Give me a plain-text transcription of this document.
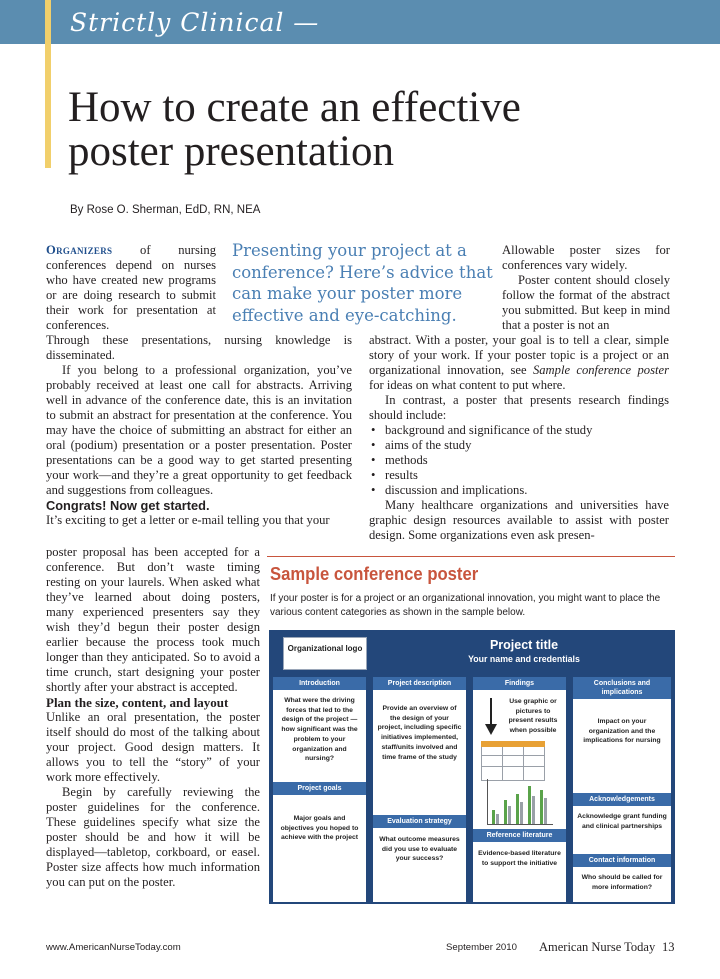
Strictly Clinical —
How to create an effective
poster presentation
By Rose O. Sherman, EdD, RN, NEA
Presenting your project at a conference? Here’s advice that can make your poster more effective and eye-catching.
Organizers of nursing conferences depend on nurses who have created new programs or are doing research to submit their work for presentation at conferences.

Through these presentations, nursing knowledge is disseminated.

If you belong to a professional organization, you’ve probably received at least one call for abstracts. Arriving well in advance of the conference date, this is an invitation to submit an abstract for presentation at the conference. You may have the choice of submitting an abstract for either an oral (podium) presentation or a poster presentation. Poster presentations can be a good way to get started presenting your work—and they’re a great opportunity to get feedback and suggestions from colleagues.

Congrats! Now get started.

It’s exciting to get a letter or e-mail telling you that your

poster proposal has been accepted for a conference. But don’t waste timing resting on your laurels. When asked what they’ve learned about doing posters, many experienced presenters say they wish they’d begun their poster design earlier because the process took much longer than they anticipated. So to avoid a time crunch, start designing your poster shortly after your abstract is accepted.

Plan the size, content, and layout

Unlike an oral presentation, the poster itself should do most of the talking about your project. Good design matters. It allows you to tell the “story” of your work more effectively.

Begin by carefully reviewing the poster guidelines for the conference. These guidelines specify what size the poster should be and how it will be displayed—tabletop, corkboard, or easel. Poster size affects how much information you can put on the poster.

Allowable poster sizes for conferences vary widely.

Poster content should closely follow the format of the abstract you submitted. But keep in mind that a poster is not an

abstract. With a poster, your goal is to tell a clear, simple story of your work. If your poster topic is a project or an organizational innovation, see Sample conference poster for ideas on what content to put where.

In contrast, a poster that presents research findings should include:

• background and significance of the study
• aims of the study
• methods
• results
• discussion and implications.

Many healthcare organizations and universities have graphic design resources available to assist with poster design. Some organizations even ask presen-

Sample conference poster
If your poster is for a project or an organizational innovation, you might want to place the various content categories as shown in the sample below.
Organizational logo	Project title
Your name and credentials
Introduction
What were the driving forces that led to the design of the project — how significant was the problem to your organization and nursing?
Project goals
Major goals and objectives you hoped to achieve with the project
Project description
Provide an overview of the design of your project, including specific initiatives implemented, staff/units involved and time frame of the study
Evaluation strategy
What outcome measures did you use to evaluate your success?
Findings
Use graphic or pictures to present results when possible
Reference literature
Evidence-based literature to support the initiative
Conclusions and implications
Impact on your organization and the implications for nursing
Acknowledgements
Acknowledge grant funding and clinical partnerships
Contact information
Who should be called for more information?
www.AmericanNurseToday.com	September 2010 American Nurse Today 13
